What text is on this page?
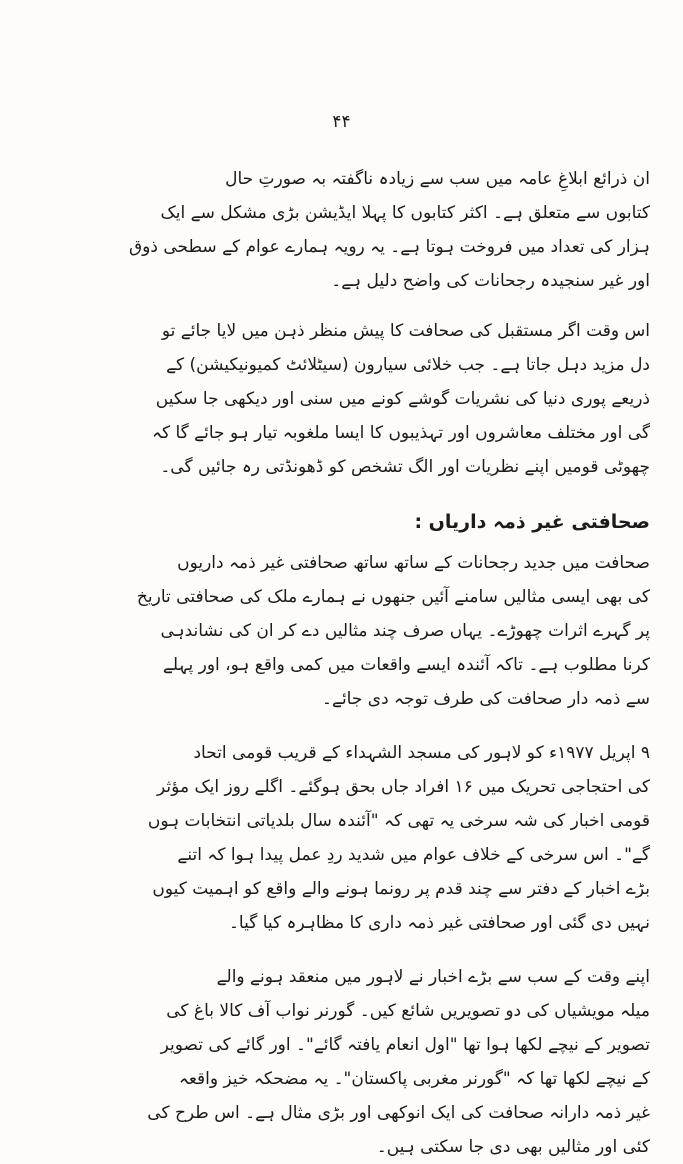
۴۴

ان ذرائع ابلاغِ عامہ میں سب سے زیادہ ناگفتہ بہ صورتِ حال
کتابوں سے متعلق ہے۔ اکثر کتابوں کا پہلا ایڈیشن بڑی مشکل سے ایک
ہزار کی تعداد میں فروخت ہوتا ہے۔ یہ رویہ ہمارے عوام کے سطحی ذوق
اور غیر سنجیدہ رجحانات کی واضح دلیل ہے۔

اس وقت اگر مستقبل کی صحافت کا پیش منظر ذہن میں لایا جائے تو
دل مزید دہل جاتا ہے۔ جب خلائی سیارون (سیٹلائٹ کمیونیکیشن) کے
ذریعے پوری دنیا کی نشریات گوشے کونے میں سنی اور دیکھی جا سکیں
گی اور مختلف معاشروں اور تہذیبوں کا ایسا ملغوبہ تیار ہو جائے گا کہ
چھوٹی قومیں اپنے نظریات اور الگ تشخص کو ڈھونڈتی رہ جائیں گی۔

صحافتی غیر ذمہ داریاں :

صحافت میں جدید رجحانات کے ساتھ ساتھ صحافتی غیر ذمہ داریوں
کی بھی ایسی مثالیں سامنے آئیں جنھوں نے ہمارے ملک کی صحافتی تاریخ
پر گہرے اثرات چھوڑے۔ یہاں صرف چند مثالیں دے کر ان کی نشاندہی
کرنا مطلوب ہے۔ تاکہ آئندہ ایسے واقعات میں کمی واقع ہو، اور پہلے
سے ذمہ دار صحافت کی طرف توجہ دی جائے۔

۹ اپریل ۱۹۷۷ء کو لاہور کی مسجد الشہداء کے قریب قومی اتحاد
کی احتجاجی تحریک میں ۱۶ افراد جاں بحق ہوگئے۔ اگلے روز ایک مؤثر
قومی اخبار کی شہ سرخی یہ تھی کہ "آئندہ سال بلدیاتی انتخابات ہوں
گے"۔ اس سرخی کے خلاف عوام میں شدید ردِ عمل پیدا ہوا کہ اتنے
بڑے اخبار کے دفتر سے چند قدم پر رونما ہونے والے واقع کو اہمیت کیوں
نہیں دی گئی اور صحافتی غیر ذمہ داری کا مظاہرہ کیا گیا۔

اپنے وقت کے سب سے بڑے اخبار نے لاہور میں منعقد ہونے والے
میلہ مویشیاں کی دو تصویریں شائع کیں۔ گورنر نواب آف کالا باغ کی
تصویر کے نیچے لکھا ہوا تھا "اول انعام یافتہ گائے"۔ اور گائے کی تصویر
کے نیچے لکھا تھا کہ "گورنر مغربی پاکستان"۔ یہ مضحکہ خیز واقعہ
غیر ذمہ دارانہ صحافت کی ایک انوکھی اور بڑی مثال ہے۔ اس طرح کی
کئی اور مثالیں بھی دی جا سکتی ہیں۔
